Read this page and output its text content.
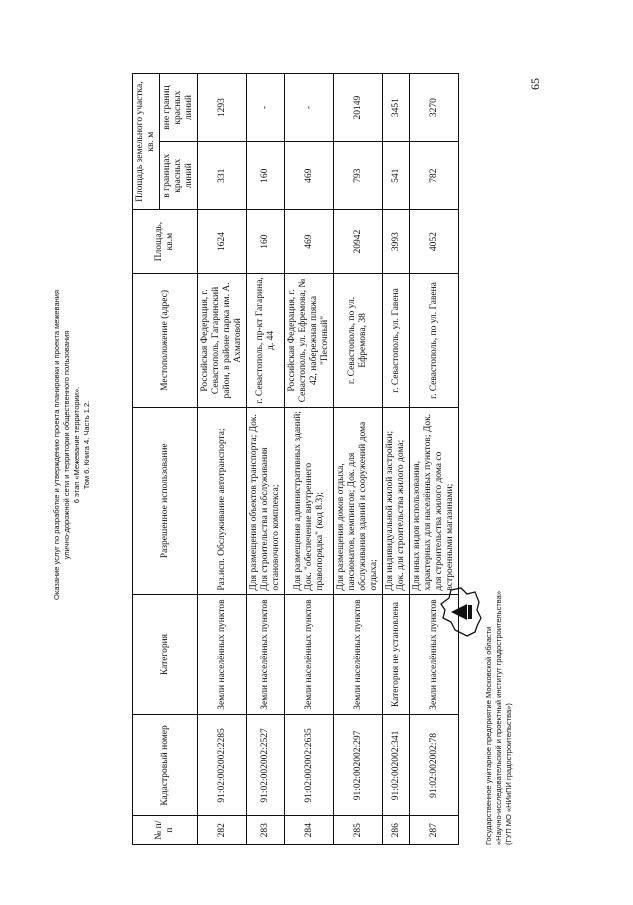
65
Оказание услуг по разработке и утверждению проекта планировки и проекта межевания улично-дорожной сети и территории общественного пользования 6 этап «Межевание территории». Том 6. Книга 4. Часть 1.2.
№ п/п	Кадастровый номер	Категория	Разрешенное использование	Местоположение (адрес)	Площадь, кв.м	Площадь земельного участка, кв. м	
						в границах красных линий	вне границ красных линий
282	91:02:002002:2285	Земли населённых пунктов	Раз.исп. Обслуживание автотранспорта;	Российская Федерация, г. Севастополь, Гагаринский район, в районе парка им. А. Ахматовой	1624	331	1293
283	91:02:002002:2527	Земли населённых пунктов	Для размещения объектов транспорта; Док. Для строительства и обслуживания остановочного комплекса;	г. Севастополь, пр-кт Гагарина, д. 44	160	160	-
284	91:02:002002:2635	Земли населённых пунктов	Для размещения административных зданий; Док. "обеспечение внутреннего правопорядка" (код 8.3);	Российская Федерация, г. Севастополь, ул. Ефремова, № 42, набережная пляжа "Песочный"	469	469	-
285	91:02:002002:297	Земли населённых пунктов	Для размещения домов отдыха, пансионатов, кемпингов; Док. для обслуживания зданий и сооружений дома отдыха;	г. Севастополь, по ул. Ефремова, 38	20942	793	20149
286	91:02:002002:341	Категория не установлена	Для индивидуальной жилой застройки; Док. для строительства жилого дома;	г. Севастополь, ул. Гавена	3993	541	3451
287	91:02:002002:78	Земли населённых пунктов	Для иных видов использования, характерных для населённых пунктов; Док. для строительства жилого дома со встроенными магазинами;	г. Севастополь, по ул. Гавена	4052	782	3270
Государственное унитарное предприятие Московской области «Научно-исследовательский и проектный институт градостроительства» (ГУП МО «НИиПИ градостроительства»)
